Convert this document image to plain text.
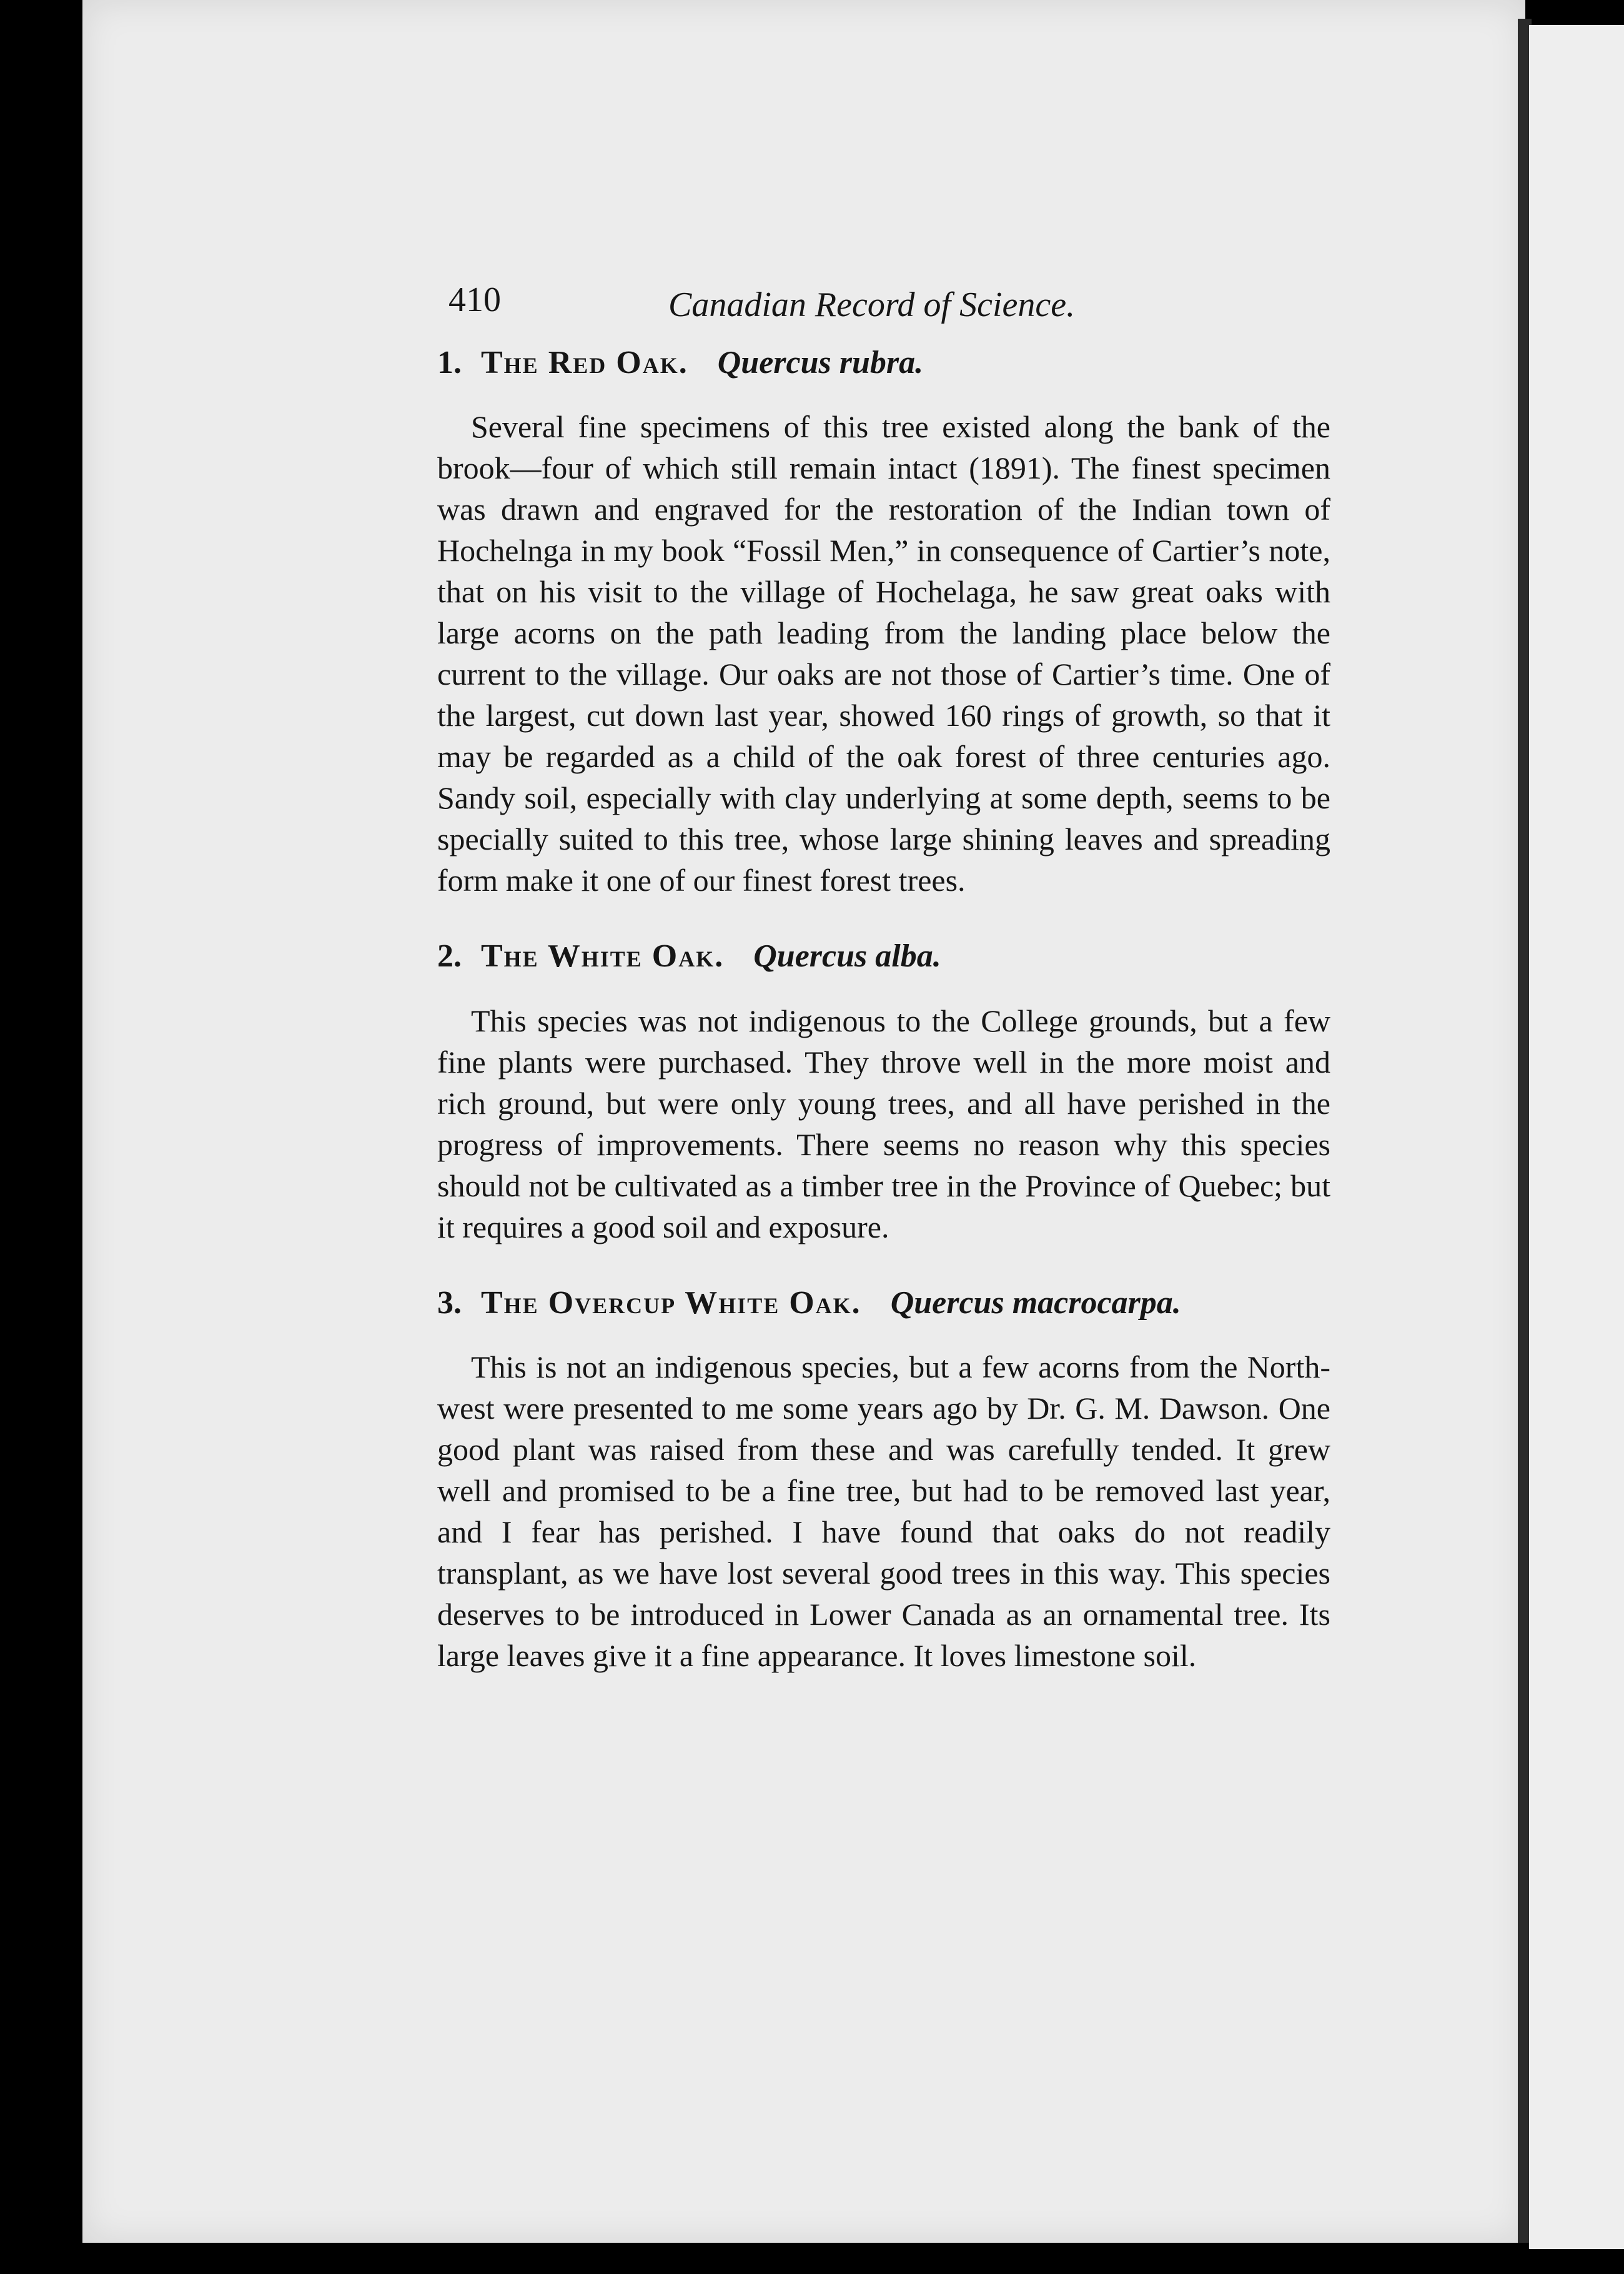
410	Canadian Record of Science.
1. The Red Oak. Quercus rubra.

Several fine specimens of this tree existed along the bank of the brook—four of which still remain intact (1891). The finest specimen was drawn and engraved for the restoration of the Indian town of Hochelnga in my book “Fossil Men,” in consequence of Cartier’s note, that on his visit to the village of Hochelaga, he saw great oaks with large acorns on the path leading from the landing place below the current to the village. Our oaks are not those of Cartier’s time. One of the largest, cut down last year, showed 160 rings of growth, so that it may be regarded as a child of the oak forest of three centuries ago. Sandy soil, especially with clay underlying at some depth, seems to be specially suited to this tree, whose large shining leaves and spreading form make it one of our finest forest trees.

2. The White Oak. Quercus alba.

This species was not indigenous to the College grounds, but a few fine plants were purchased. They throve well in the more moist and rich ground, but were only young trees, and all have perished in the progress of improvements. There seems no reason why this species should not be cultivated as a timber tree in the Province of Quebec; but it requires a good soil and exposure.

3. The Overcup White Oak. Quercus macrocarpa.

This is not an indigenous species, but a few acorns from the North-west were presented to me some years ago by Dr. G. M. Dawson. One good plant was raised from these and was carefully tended. It grew well and promised to be a fine tree, but had to be removed last year, and I fear has perished. I have found that oaks do not readily transplant, as we have lost several good trees in this way. This species deserves to be introduced in Lower Canada as an ornamental tree. Its large leaves give it a fine appearance. It loves limestone soil.
